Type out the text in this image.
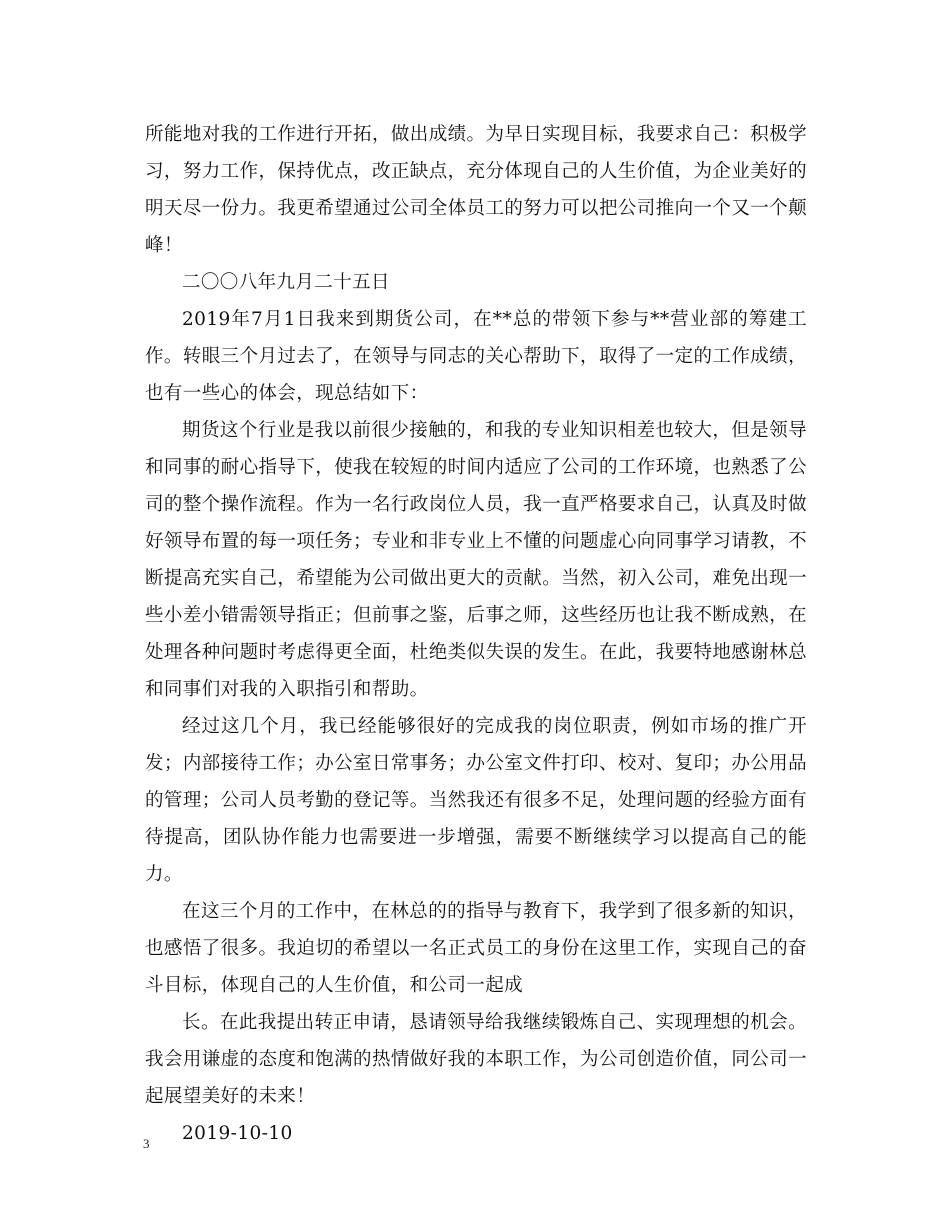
所能地对我的工作进行开拓，做出成绩。为早日实现目标，我要求自己：积极学习，努力工作，保持优点，改正缺点，充分体现自己的人生价值，为企业美好的明天尽一份力。我更希望通过公司全体员工的努力可以把公司推向一个又一个颠峰！

二〇〇八年九月二十五日

2019年7月1日我来到期货公司，在**总的带领下参与**营业部的筹建工作。转眼三个月过去了，在领导与同志的关心帮助下，取得了一定的工作成绩，也有一些心的体会，现总结如下：

期货这个行业是我以前很少接触的，和我的专业知识相差也较大，但是领导和同事的耐心指导下，使我在较短的时间内适应了公司的工作环境，也熟悉了公司的整个操作流程。作为一名行政岗位人员，我一直严格要求自己，认真及时做好领导布置的每一项任务；专业和非专业上不懂的问题虚心向同事学习请教，不断提高充实自己，希望能为公司做出更大的贡献。当然，初入公司，难免出现一些小差小错需领导指正；但前事之鉴，后事之师，这些经历也让我不断成熟，在处理各种问题时考虑得更全面，杜绝类似失误的发生。在此，我要特地感谢林总和同事们对我的入职指引和帮助。

经过这几个月，我已经能够很好的完成我的岗位职责，例如市场的推广开发；内部接待工作；办公室日常事务；办公室文件打印、校对、复印；办公用品的管理；公司人员考勤的登记等。当然我还有很多不足，处理问题的经验方面有待提高，团队协作能力也需要进一步增强，需要不断继续学习以提高自己的能力。

在这三个月的工作中，在林总的的指导与教育下，我学到了很多新的知识，也感悟了很多。我迫切的希望以一名正式员工的身份在这里工作，实现自己的奋斗目标，体现自己的人生价值，和公司一起成

长。在此我提出转正申请，恳请领导给我继续锻炼自己、实现理想的机会。我会用谦虚的态度和饱满的热情做好我的本职工作，为公司创造价值，同公司一起展望美好的未来！

2019-10-10

3
